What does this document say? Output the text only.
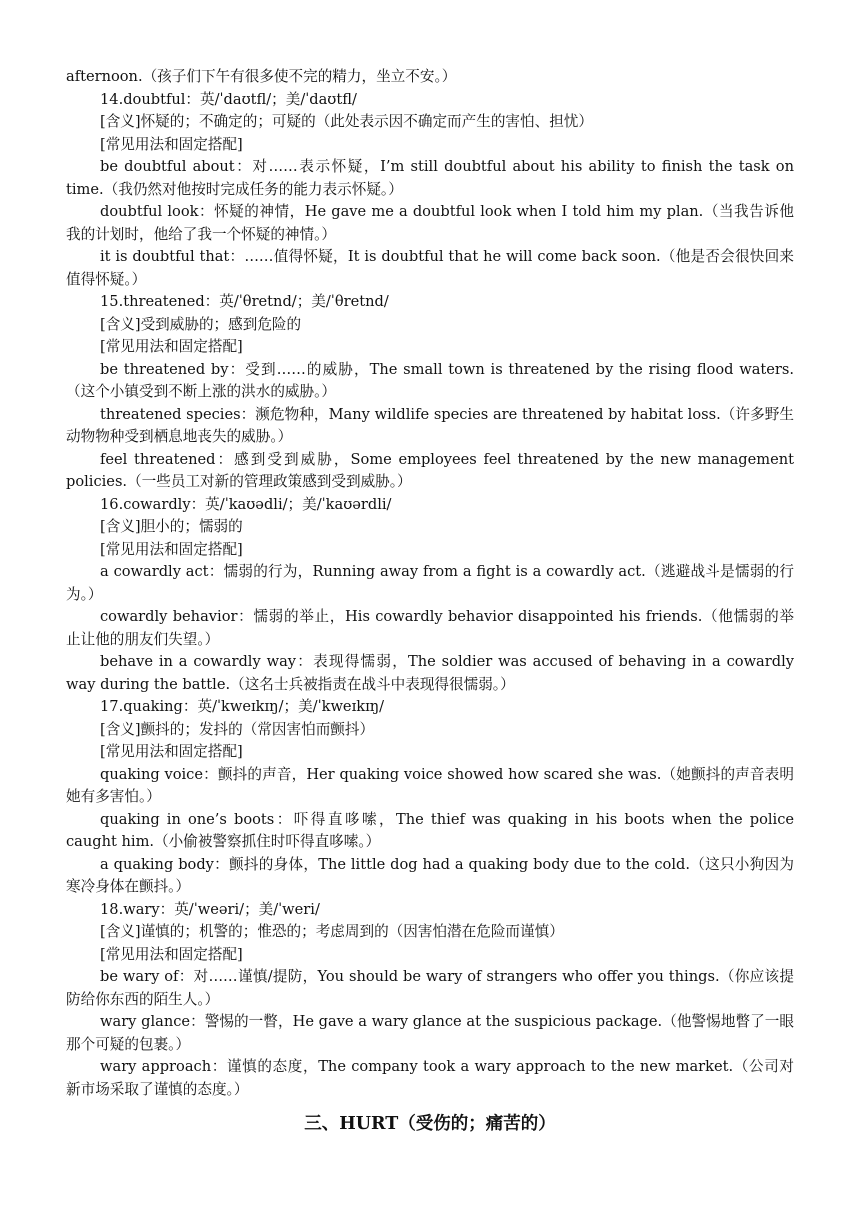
afternoon.（孩子们下午有很多使不完的精力，坐立不安。）

14.doubtful：英/ˈdaʊtfl/；美/ˈdaʊtfl/

[含义]怀疑的；不确定的；可疑的（此处表示因不确定而产生的害怕、担忧）

[常见用法和固定搭配]

be doubtful about：对……表示怀疑，I’m still doubtful about his ability to finish the task on time.（我仍然对他按时完成任务的能力表示怀疑。）

doubtful look：怀疑的神情，He gave me a doubtful look when I told him my plan.（当我告诉他我的计划时，他给了我一个怀疑的神情。）

it is doubtful that：……值得怀疑，It is doubtful that he will come back soon.（他是否会很快回来值得怀疑。）

15.threatened：英/ˈθretnd/；美/ˈθretnd/

[含义]受到威胁的；感到危险的

[常见用法和固定搭配]

be threatened by：受到……的威胁，The small town is threatened by the rising flood waters.（这个小镇受到不断上涨的洪水的威胁。）

threatened species：濒危物种，Many wildlife species are threatened by habitat loss.（许多野生动物物种受到栖息地丧失的威胁。）

feel threatened：感到受到威胁，Some employees feel threatened by the new management policies.（一些员工对新的管理政策感到受到威胁。）

16.cowardly：英/ˈkaʊədli/；美/ˈkaʊərdli/

[含义]胆小的；懦弱的

[常见用法和固定搭配]

a cowardly act：懦弱的行为，Running away from a fight is a cowardly act.（逃避战斗是懦弱的行为。）

cowardly behavior：懦弱的举止，His cowardly behavior disappointed his friends.（他懦弱的举止让他的朋友们失望。）

behave in a cowardly way：表现得懦弱，The soldier was accused of behaving in a cowardly way during the battle.（这名士兵被指责在战斗中表现得很懦弱。）

17.quaking：英/ˈkweɪkɪŋ/；美/ˈkweɪkɪŋ/

[含义]颤抖的；发抖的（常因害怕而颤抖）

[常见用法和固定搭配]

quaking voice：颤抖的声音，Her quaking voice showed how scared she was.（她颤抖的声音表明她有多害怕。）

quaking in one’s boots：吓得直哆嗦，The thief was quaking in his boots when the police caught him.（小偷被警察抓住时吓得直哆嗦。）

a quaking body：颤抖的身体，The little dog had a quaking body due to the cold.（这只小狗因为寒冷身体在颤抖。）

18.wary：英/ˈweəri/；美/ˈweri/

[含义]谨慎的；机警的；惟恐的；考虑周到的（因害怕潜在危险而谨慎）

[常见用法和固定搭配]

be wary of：对……谨慎/提防，You should be wary of strangers who offer you things.（你应该提防给你东西的陌生人。）

wary glance：警惕的一瞥，He gave a wary glance at the suspicious package.（他警惕地瞥了一眼那个可疑的包裹。）

wary approach：谨慎的态度，The company took a wary approach to the new market.（公司对新市场采取了谨慎的态度。）

三、HURT（受伤的；痛苦的）
